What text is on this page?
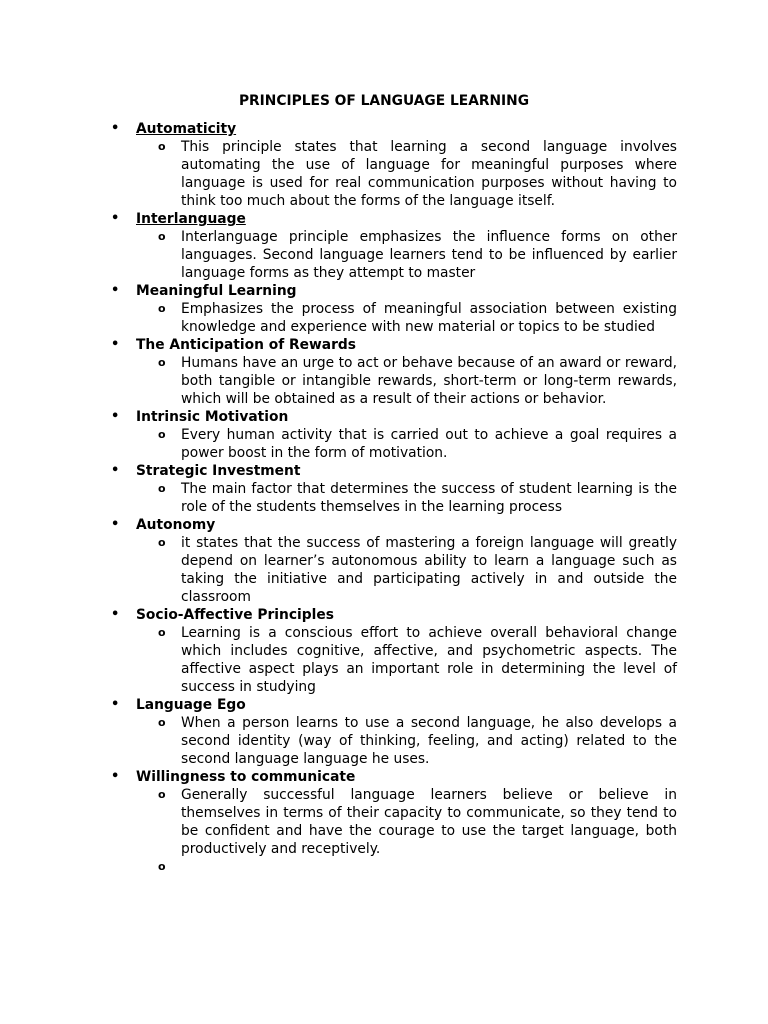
PRINCIPLES OF LANGUAGE LEARNING
• Automaticity
o This principle states that learning a second language involves automating the use of language for meaningful purposes where language is used for real communication purposes without having to think too much about the forms of the language itself.
• Interlanguage
o Interlanguage principle emphasizes the influence forms on other languages. Second language learners tend to be influenced by earlier language forms as they attempt to master
• Meaningful Learning
o Emphasizes the process of meaningful association between existing knowledge and experience with new material or topics to be studied
• The Anticipation of Rewards
o Humans have an urge to act or behave because of an award or reward, both tangible or intangible rewards, short-term or long-term rewards, which will be obtained as a result of their actions or behavior.
• Intrinsic Motivation
o Every human activity that is carried out to achieve a goal requires a power boost in the form of motivation.
• Strategic Investment
o The main factor that determines the success of student learning is the role of the students themselves in the learning process
• Autonomy
o it states that the success of mastering a foreign language will greatly depend on learner’s autonomous ability to learn a language such as taking the initiative and participating actively in and outside the classroom
• Socio-Affective Principles
o Learning is a conscious effort to achieve overall behavioral change which includes cognitive, affective, and psychometric aspects. The affective aspect plays an important role in determining the level of success in studying
• Language Ego
o When a person learns to use a second language, he also develops a second identity (way of thinking, feeling, and acting) related to the second language language he uses.
• Willingness to communicate
o Generally successful language learners believe or believe in themselves in terms of their capacity to communicate, so they tend to be confident and have the courage to use the target language, both productively and receptively.
o
